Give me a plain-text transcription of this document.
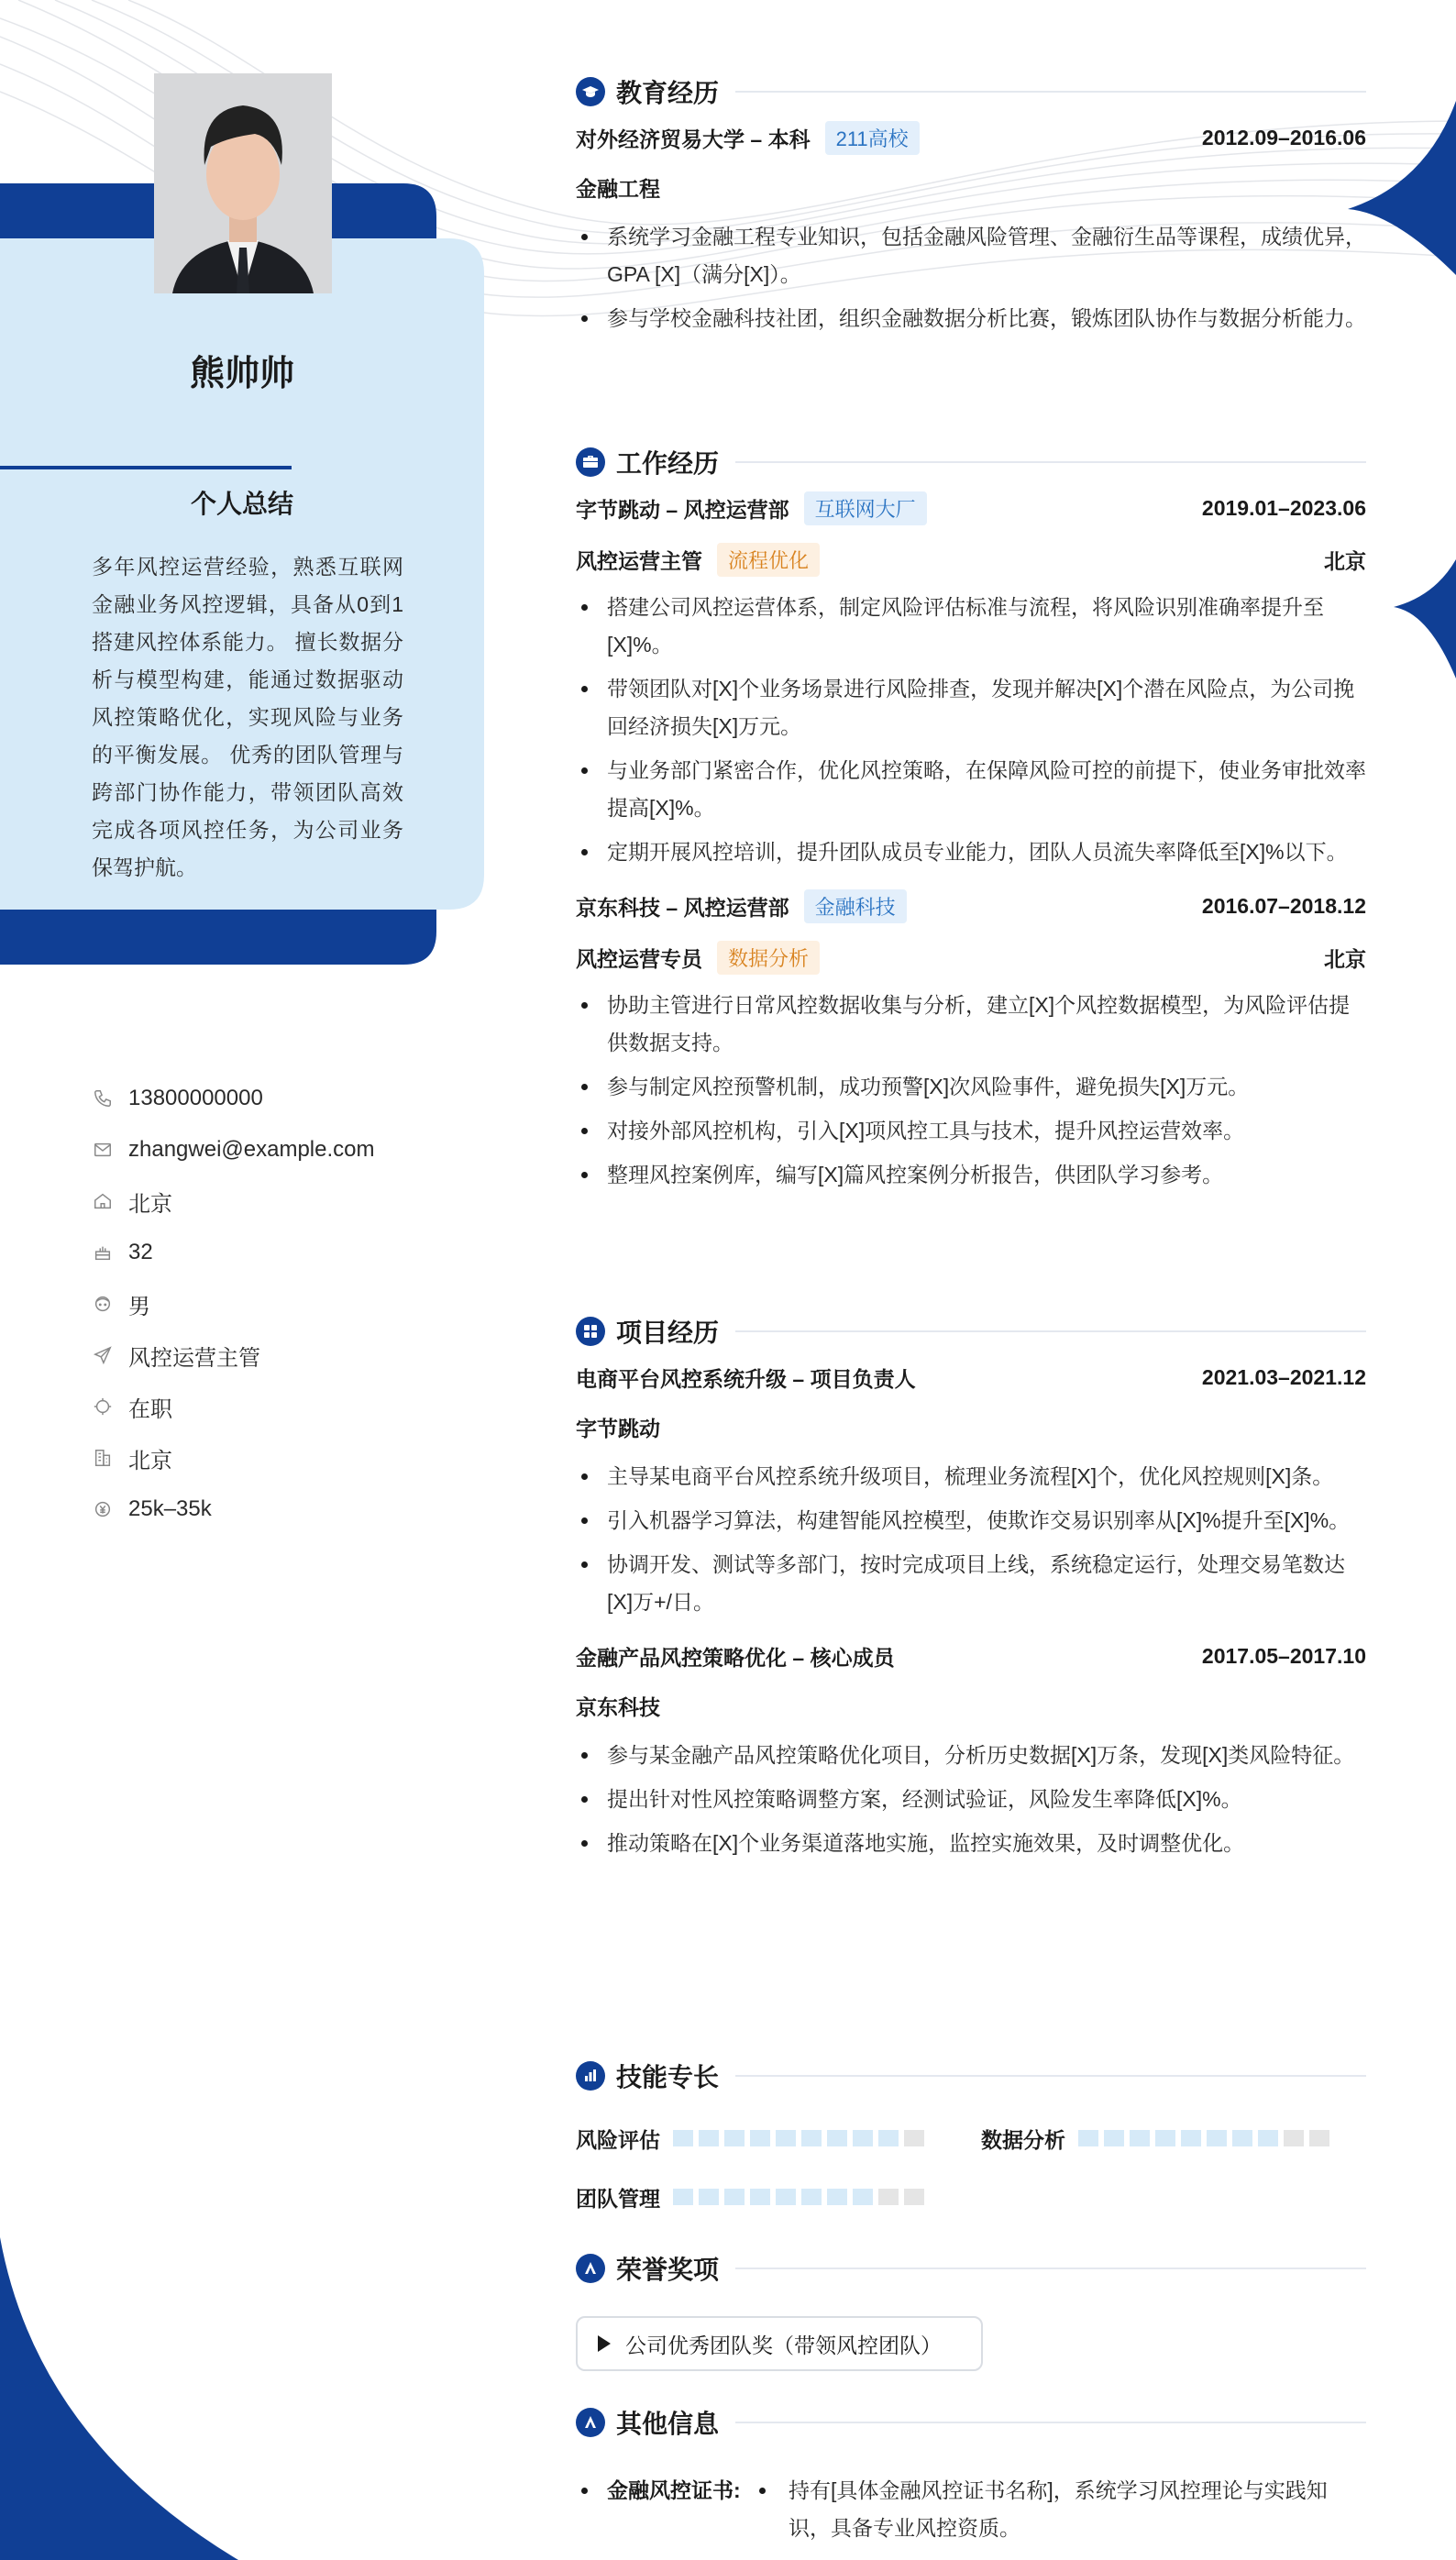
熊帅帅
个人总结
多年风控运营经验，熟悉互联网金融业务风控逻辑，具备从0到1搭建风控体系能力。 擅长数据分析与模型构建，能通过数据驱动风控策略优化，实现风险与业务的平衡发展。 优秀的团队管理与跨部门协作能力，带领团队高效完成各项风控任务，为公司业务保驾护航。
13800000000
zhangwei@example.com
北京
32
男
风控运营主管
在职
北京
25k–35k
教育经历
对外经济贸易大学 – 本科	211高校	2012.09–2016.06
金融工程
系统学习金融工程专业知识，包括金融风险管理、金融衍生品等课程，成绩优异，GPA [X]（满分[X]）。
参与学校金融科技社团，组织金融数据分析比赛，锻炼团队协作与数据分析能力。
工作经历
字节跳动 – 风控运营部	互联网大厂	2019.01–2023.06
风控运营主管	流程优化	北京
搭建公司风控运营体系，制定风险评估标准与流程，将风险识别准确率提升至[X]%。
带领团队对[X]个业务场景进行风险排查，发现并解决[X]个潜在风险点，为公司挽回经济损失[X]万元。
与业务部门紧密合作，优化风控策略，在保障风险可控的前提下，使业务审批效率提高[X]%。
定期开展风控培训，提升团队成员专业能力，团队人员流失率降低至[X]%以下。
京东科技 – 风控运营部	金融科技	2016.07–2018.12
风控运营专员	数据分析	北京
协助主管进行日常风控数据收集与分析，建立[X]个风控数据模型，为风险评估提供数据支持。
参与制定风控预警机制，成功预警[X]次风险事件，避免损失[X]万元。
对接外部风控机构，引入[X]项风控工具与技术，提升风控运营效率。
整理风控案例库，编写[X]篇风控案例分析报告，供团队学习参考。
项目经历
电商平台风控系统升级 – 项目负责人	2021.03–2021.12
字节跳动
主导某电商平台风控系统升级项目，梳理业务流程[X]个，优化风控规则[X]条。
引入机器学习算法，构建智能风控模型，使欺诈交易识别率从[X]%提升至[X]%。
协调开发、测试等多部门，按时完成项目上线，系统稳定运行，处理交易笔数达[X]万+/日。
金融产品风控策略优化 – 核心成员	2017.05–2017.10
京东科技
参与某金融产品风控策略优化项目，分析历史数据[X]万条，发现[X]类风险特征。
提出针对性风控策略调整方案，经测试验证，风险发生率降低[X]%。
推动策略在[X]个业务渠道落地实施，监控实施效果，及时调整优化。
技能专长
风险评估	数据分析
团队管理
荣誉奖项
公司优秀团队奖（带领风控团队）
其他信息
金融风控证书: 持有[具体金融风控证书名称]，系统学习风控理论与实践知识，具备专业风控资质。
